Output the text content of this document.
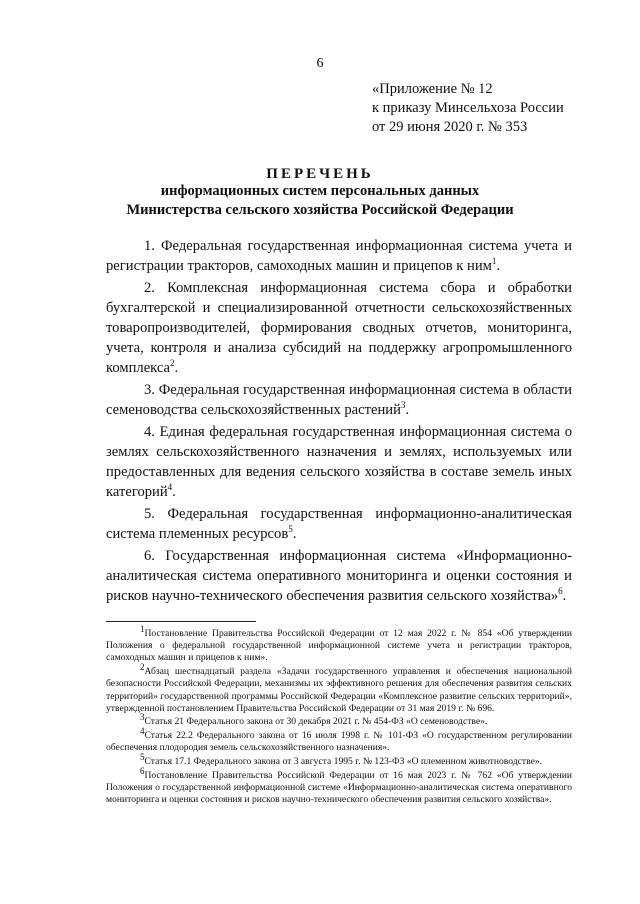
6
«Приложение № 12
к приказу Минсельхоза России
от 29 июня 2020 г. № 353
ПЕРЕЧЕНЬ
информационных систем персональных данных
Министерства сельского хозяйства Российской Федерации

1. Федеральная государственная информационная система учета и регистрации тракторов, самоходных машин и прицепов к ним$^1$.

2. Комплексная информационная система сбора и обработки бухгалтерской и специализированной отчетности сельскохозяйственных товаропроизводителей, формирования сводных отчетов, мониторинга, учета, контроля и анализа субсидий на поддержку агропромышленного комплекса$^2$.

3. Федеральная государственная информационная система в области семеноводства сельскохозяйственных растений$^3$.

4. Единая федеральная государственная информационная система о землях сельскохозяйственного назначения и землях, используемых или предоставленных для ведения сельского хозяйства в составе земель иных категорий$^4$.

5. Федеральная государственная информационно-аналитическая система племенных ресурсов$^5$.

6. Государственная информационная система «Информационно-аналитическая система оперативного мониторинга и оценки состояния и рисков научно-технического обеспечения развития сельского хозяйства»$^6$.

$^1$Постановление Правительства Российской Федерации от 12 мая 2022 г. № 854 «Об утверждении Положения о федеральной государственной информационной системе учета и регистрации тракторов, самоходных машин и прицепов к ним».

$^2$Абзац шестнадцатый раздела «Задачи государственного управления и обеспечения национальной безопасности Российской Федерации, механизмы их эффективного решения для обеспечения развития сельских территорий» государственной программы Российской Федерации «Комплексное развитие сельских территорий», утвержденной постановлением Правительства Российской Федерации от 31 мая 2019 г. № 696.

$^3$Статья 21 Федерального закона от 30 декабря 2021 г. № 454-ФЗ «О семеноводстве».

$^4$Статья 22.2 Федерального закона от 16 июля 1998 г. № 101-ФЗ «О государственном регулировании обеспечения плодородия земель сельскохозяйственного назначения».

$^5$Статья 17.1 Федерального закона от 3 августа 1995 г. № 123-ФЗ «О племенном животноводстве».

$^6$Постановление Правительства Российской Федерации от 16 мая 2023 г. № 762 «Об утверждении Положения о государственной информационной системе «Информационно-аналитическая система оперативного мониторинга и оценки состояния и рисков научно-технического обеспечения развития сельского хозяйства».
